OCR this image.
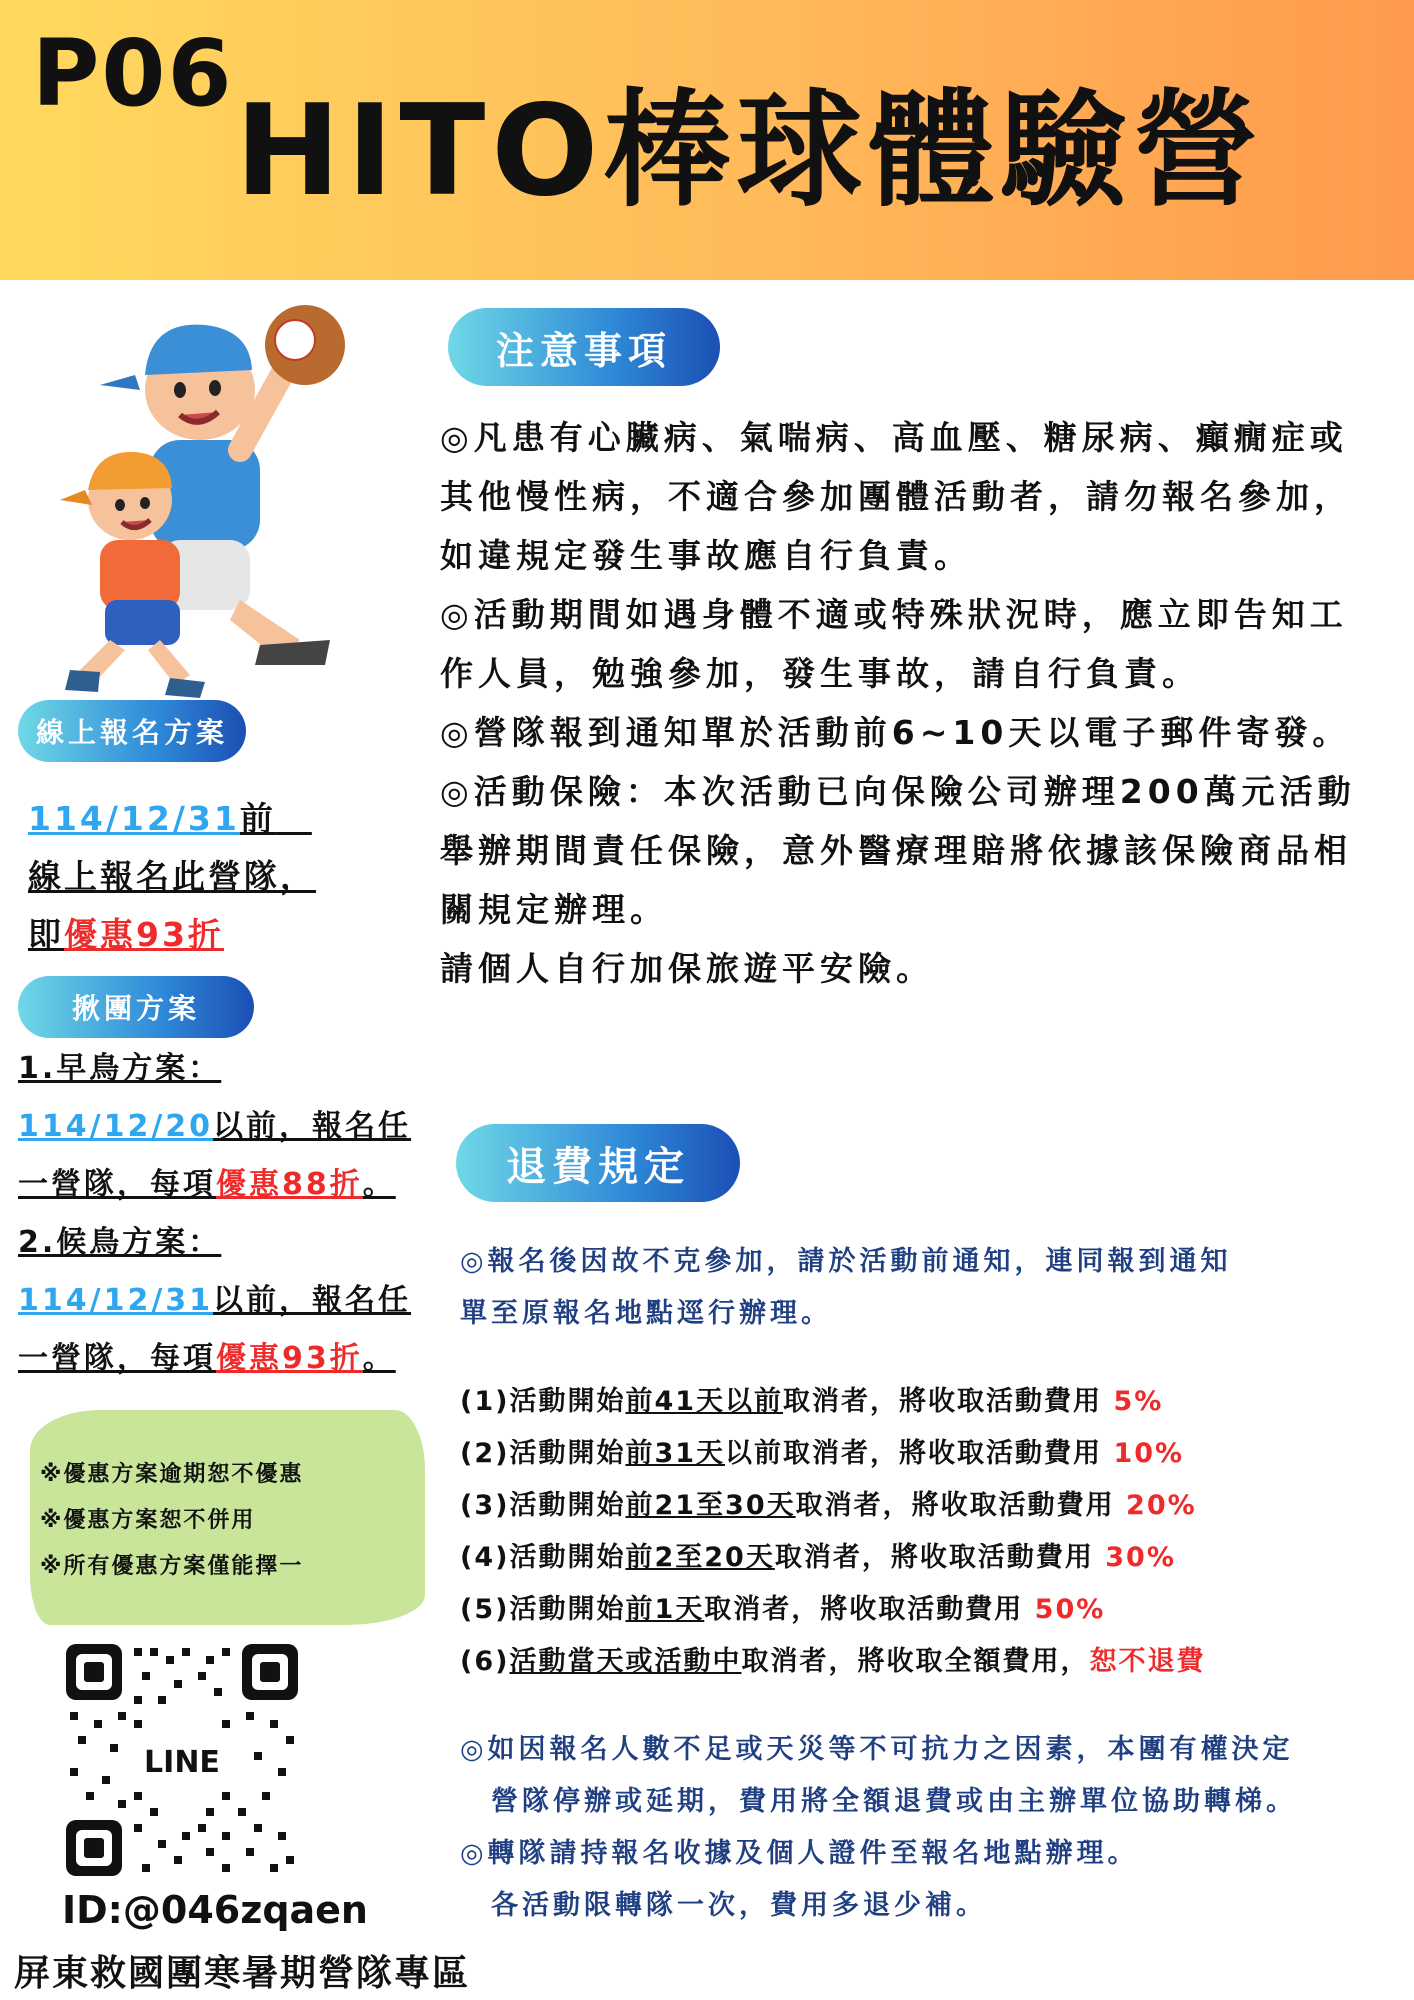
P06
HITO棒球體驗營
注意事項

◎凡患有心臟病、氣喘病、高血壓、糖尿病、癲癇症或其他慢性病，不適合參加團體活動者，請勿報名參加，如違規定發生事故應自行負責。

◎活動期間如遇身體不適或特殊狀況時，應立即告知工作人員，勉強參加，發生事故，請自行負責。

◎營隊報到通知單於活動前6~10天以電子郵件寄發。

◎活動保險：本次活動已向保險公司辦理200萬元活動舉辦期間責任保險，意外醫療理賠將依據該保險商品相關規定辦理。

請個人自行加保旅遊平安險。

線上報名方案
114/12/31前　
線上報名此營隊，
即優惠93折
揪團方案
1.早鳥方案：
114/12/20以前，報名任
一營隊，每項優惠88折。
2.候鳥方案：
114/12/31以前，報名任
一營隊，每項優惠93折。
※優惠方案逾期恕不優惠
※優惠方案恕不併用
※所有優惠方案僅能擇一
LINE
ID:@046zqaen
屏東救國團寒暑期營隊專區
退費規定
◎報名後因故不克參加，請於活動前通知，連同報到通知
單至原報名地點逕行辦理。
(1)活動開始前41天以前取消者，將收取活動費用 5%
(2)活動開始前31天以前取消者，將收取活動費用 10%
(3)活動開始前21至30天取消者，將收取活動費用 20%
(4)活動開始前2至20天取消者，將收取活動費用 30%
(5)活動開始前1天取消者，將收取活動費用 50%
(6)活動當天或活動中取消者，將收取全額費用，恕不退費
◎如因報名人數不足或天災等不可抗力之因素，本團有權決定
　營隊停辦或延期，費用將全額退費或由主辦單位協助轉梯。
◎轉隊請持報名收據及個人證件至報名地點辦理。
　各活動限轉隊一次，費用多退少補。
